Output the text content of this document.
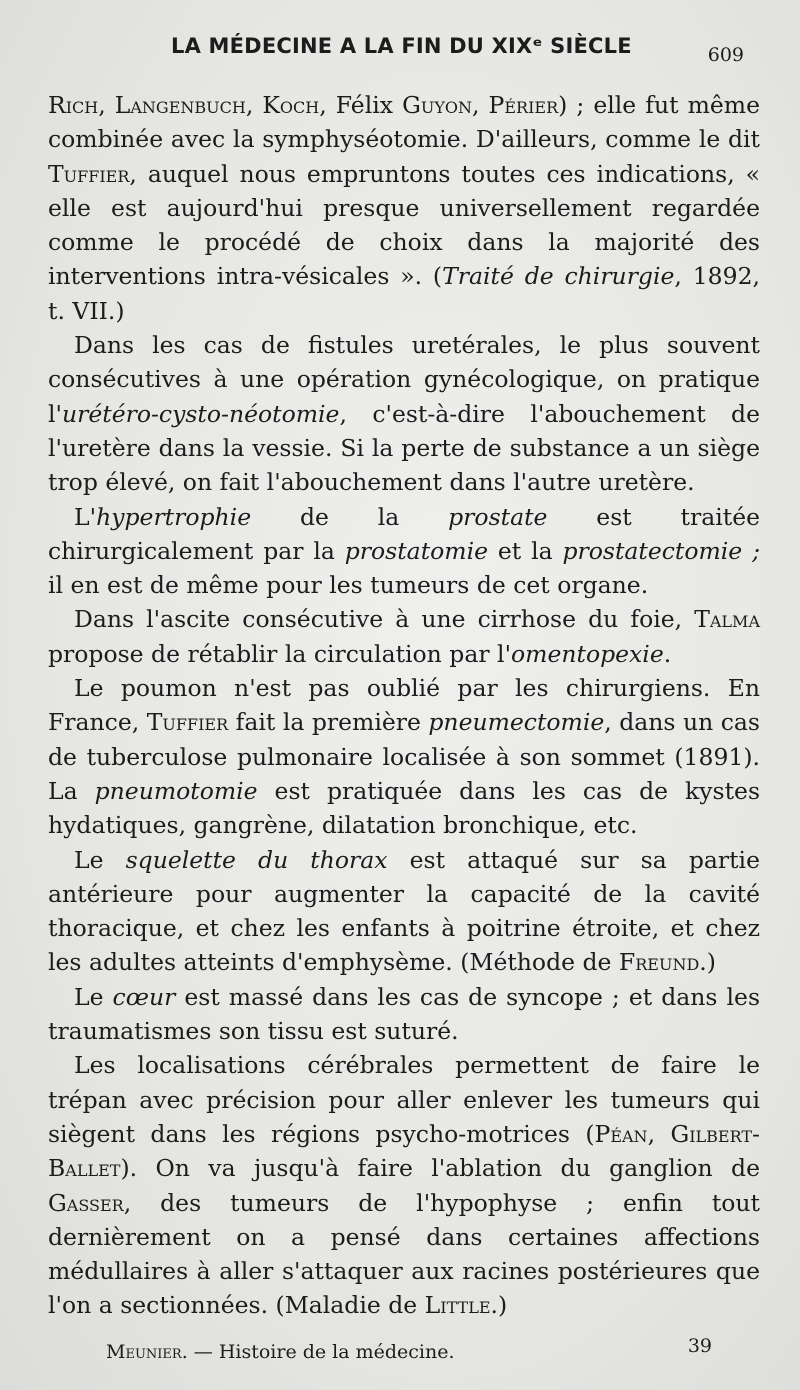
LA MÉDECINE A LA FIN DU XIXᵉ SIÈCLE	609

Rich, Langenbuch, Koch, Félix Guyon, Périer) ; elle fut même combinée avec la symphyséotomie. D'ailleurs, comme le dit Tuffier, auquel nous empruntons toutes ces indications, « elle est aujourd'hui presque universellement regardée comme le procédé de choix dans la majorité des interventions intra-vésicales ». (Traité de chirurgie, 1892, t. VII.)

Dans les cas de fistules uretérales, le plus souvent consécutives à une opération gynécologique, on pratique l'urétéro-cysto-néotomie, c'est-à-dire l'abouchement de l'uretère dans la vessie. Si la perte de substance a un siège trop élevé, on fait l'abouchement dans l'autre uretère.

L'hypertrophie de la prostate est traitée chirurgicalement par la prostatomie et la prostatectomie ; il en est de même pour les tumeurs de cet organe.

Dans l'ascite consécutive à une cirrhose du foie, Talma propose de rétablir la circulation par l'omentopexie.

Le poumon n'est pas oublié par les chirurgiens. En France, Tuffier fait la première pneumectomie, dans un cas de tuberculose pulmonaire localisée à son sommet (1891). La pneumotomie est pratiquée dans les cas de kystes hydatiques, gangrène, dilatation bronchique, etc.

Le squelette du thorax est attaqué sur sa partie antérieure pour augmenter la capacité de la cavité thoracique, et chez les enfants à poitrine étroite, et chez les adultes atteints d'emphysème. (Méthode de Freund.)

Le cœur est massé dans les cas de syncope ; et dans les traumatismes son tissu est suturé.

Les localisations cérébrales permettent de faire le trépan avec précision pour aller enlever les tumeurs qui siègent dans les régions psycho-motrices (Péan, Gilbert-Ballet). On va jusqu'à faire l'ablation du ganglion de Gasser, des tumeurs de l'hypophyse ; enfin tout dernièrement on a pensé dans certaines affections médullaires à aller s'attaquer aux racines postérieures que l'on a sectionnées. (Maladie de Little.)

Meunier. — Histoire de la médecine.	39
